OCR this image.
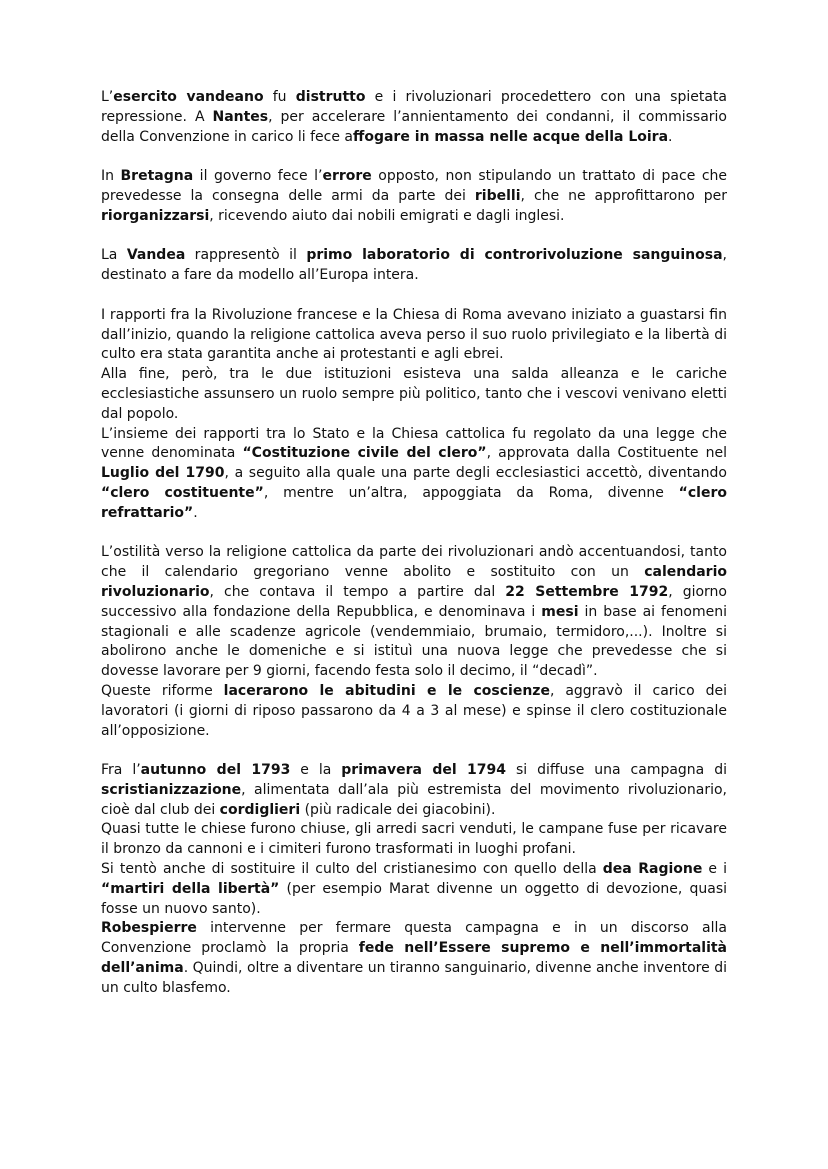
L’esercito vandeano fu distrutto e i rivoluzionari procedettero con una spietata repressione. A Nantes, per accelerare l’annientamento dei condanni, il commissario della Convenzione in carico li fece affogare in massa nelle acque della Loira.

In Bretagna il governo fece l’errore opposto, non stipulando un trattato di pace che prevedesse la consegna delle armi da parte dei ribelli, che ne approfittarono per riorganizzarsi, ricevendo aiuto dai nobili emigrati e dagli inglesi.

La Vandea rappresentò il primo laboratorio di controrivoluzione sanguinosa, destinato a fare da modello all’Europa intera.

I rapporti fra la Rivoluzione francese e la Chiesa di Roma avevano iniziato a guastarsi fin dall’inizio, quando la religione cattolica aveva perso il suo ruolo privilegiato e la libertà di culto era stata garantita anche ai protestanti e agli ebrei.

Alla fine, però, tra le due istituzioni esisteva una salda alleanza e le cariche ecclesiastiche assunsero un ruolo sempre più politico, tanto che i vescovi venivano eletti dal popolo.

L’insieme dei rapporti tra lo Stato e la Chiesa cattolica fu regolato da una legge che venne denominata “Costituzione civile del clero”, approvata dalla Costituente nel Luglio del 1790, a seguito alla quale una parte degli ecclesiastici accettò, diventando “clero costituente”, mentre un’altra, appoggiata da Roma, divenne “clero refrattario”.

L’ostilità verso la religione cattolica da parte dei rivoluzionari andò accentuandosi, tanto che il calendario gregoriano venne abolito e sostituito con un calendario rivoluzionario, che contava il tempo a partire dal 22 Settembre 1792, giorno successivo alla fondazione della Repubblica, e denominava i mesi in base ai fenomeni stagionali e alle scadenze agricole (vendemmiaio, brumaio, termidoro,...). Inoltre si abolirono anche le domeniche e si istituì una nuova legge che prevedesse che si dovesse lavorare per 9 giorni, facendo festa solo il decimo, il “decadì”.

Queste riforme lacerarono le abitudini e le coscienze, aggravò il carico dei lavoratori (i giorni di riposo passarono da 4 a 3 al mese) e spinse il clero costituzionale all’opposizione.

Fra l’autunno del 1793 e la primavera del 1794 si diffuse una campagna di scristianizzazione, alimentata dall’ala più estremista del movimento rivoluzionario, cioè dal club dei cordiglieri (più radicale dei giacobini).

Quasi tutte le chiese furono chiuse, gli arredi sacri venduti, le campane fuse per ricavare il bronzo da cannoni e i cimiteri furono trasformati in luoghi profani.

Si tentò anche di sostituire il culto del cristianesimo con quello della dea Ragione e i “martiri della libertà” (per esempio Marat divenne un oggetto di devozione, quasi fosse un nuovo santo).

Robespierre intervenne per fermare questa campagna e in un discorso alla Convenzione proclamò la propria fede nell’Essere supremo e nell’immortalità dell’anima. Quindi, oltre a diventare un tiranno sanguinario, divenne anche inventore di un culto blasfemo.
